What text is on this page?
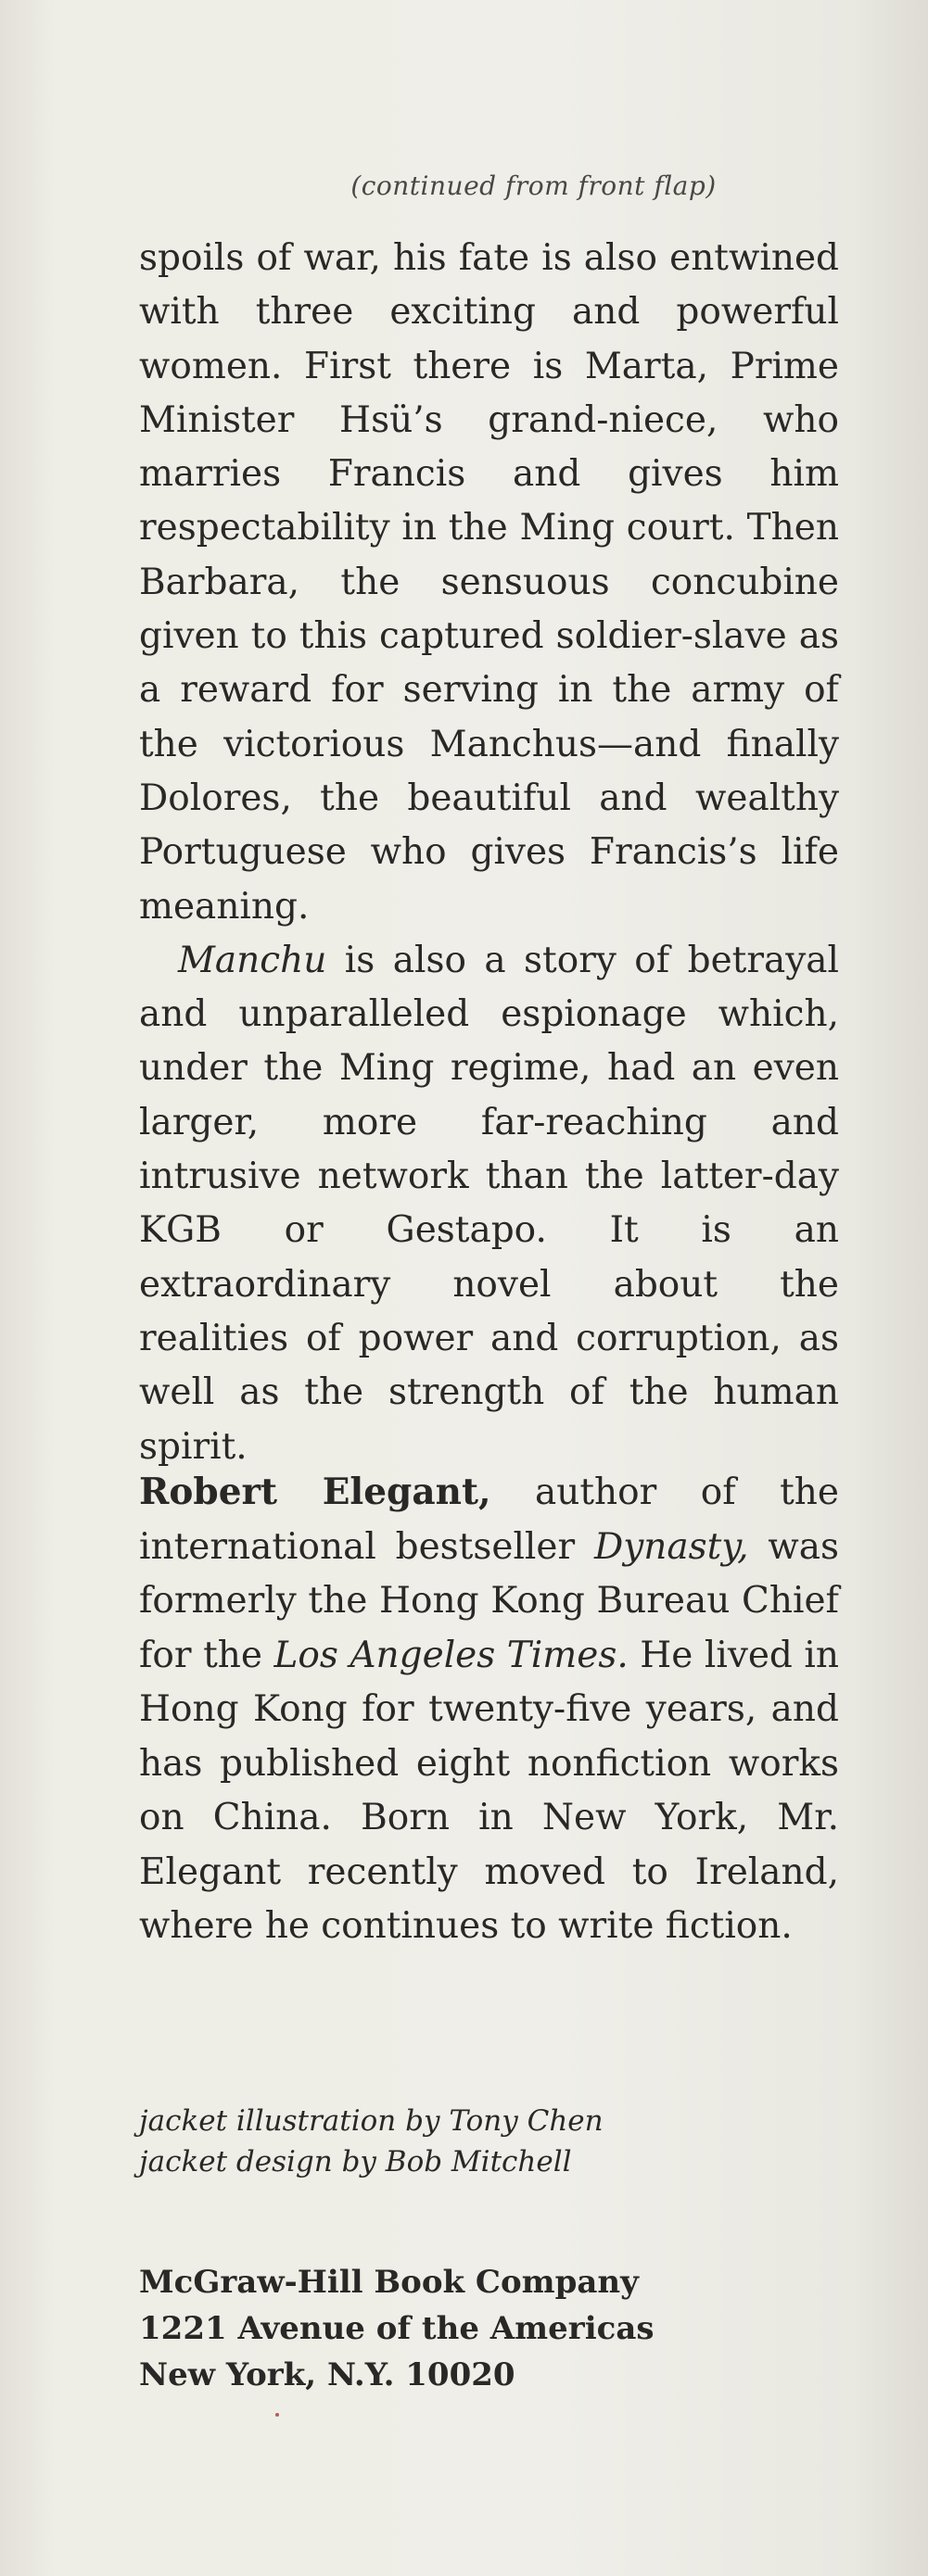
(continued from front flap)

spoils of war, his fate is also entwined with three exciting and powerful women. First there is Marta, Prime Minister Hsü’s grand-niece, who marries Francis and gives him respectability in the Ming court. Then Barbara, the sensuous concubine given to this captured soldier-slave as a reward for serving in the army of the victorious Manchus—and finally Dolores, the beautiful and wealthy Portuguese who gives Francis’s life meaning.

Manchu is also a story of betrayal and unparalleled espionage which, under the Ming regime, had an even larger, more far-reaching and intrusive network than the latter-day KGB or Gestapo. It is an extraordinary novel about the realities of power and corruption, as well as the strength of the human spirit.

Robert Elegant, author of the international bestseller Dynasty, was formerly the Hong Kong Bureau Chief for the Los Angeles Times. He lived in Hong Kong for twenty-five years, and has published eight nonfiction works on China. Born in New York, Mr. Elegant recently moved to Ireland, where he continues to write fiction.

jacket illustration by Tony Chen
jacket design by Bob Mitchell
McGraw-Hill Book Company
1221 Avenue of the Americas
New York, N.Y. 10020
